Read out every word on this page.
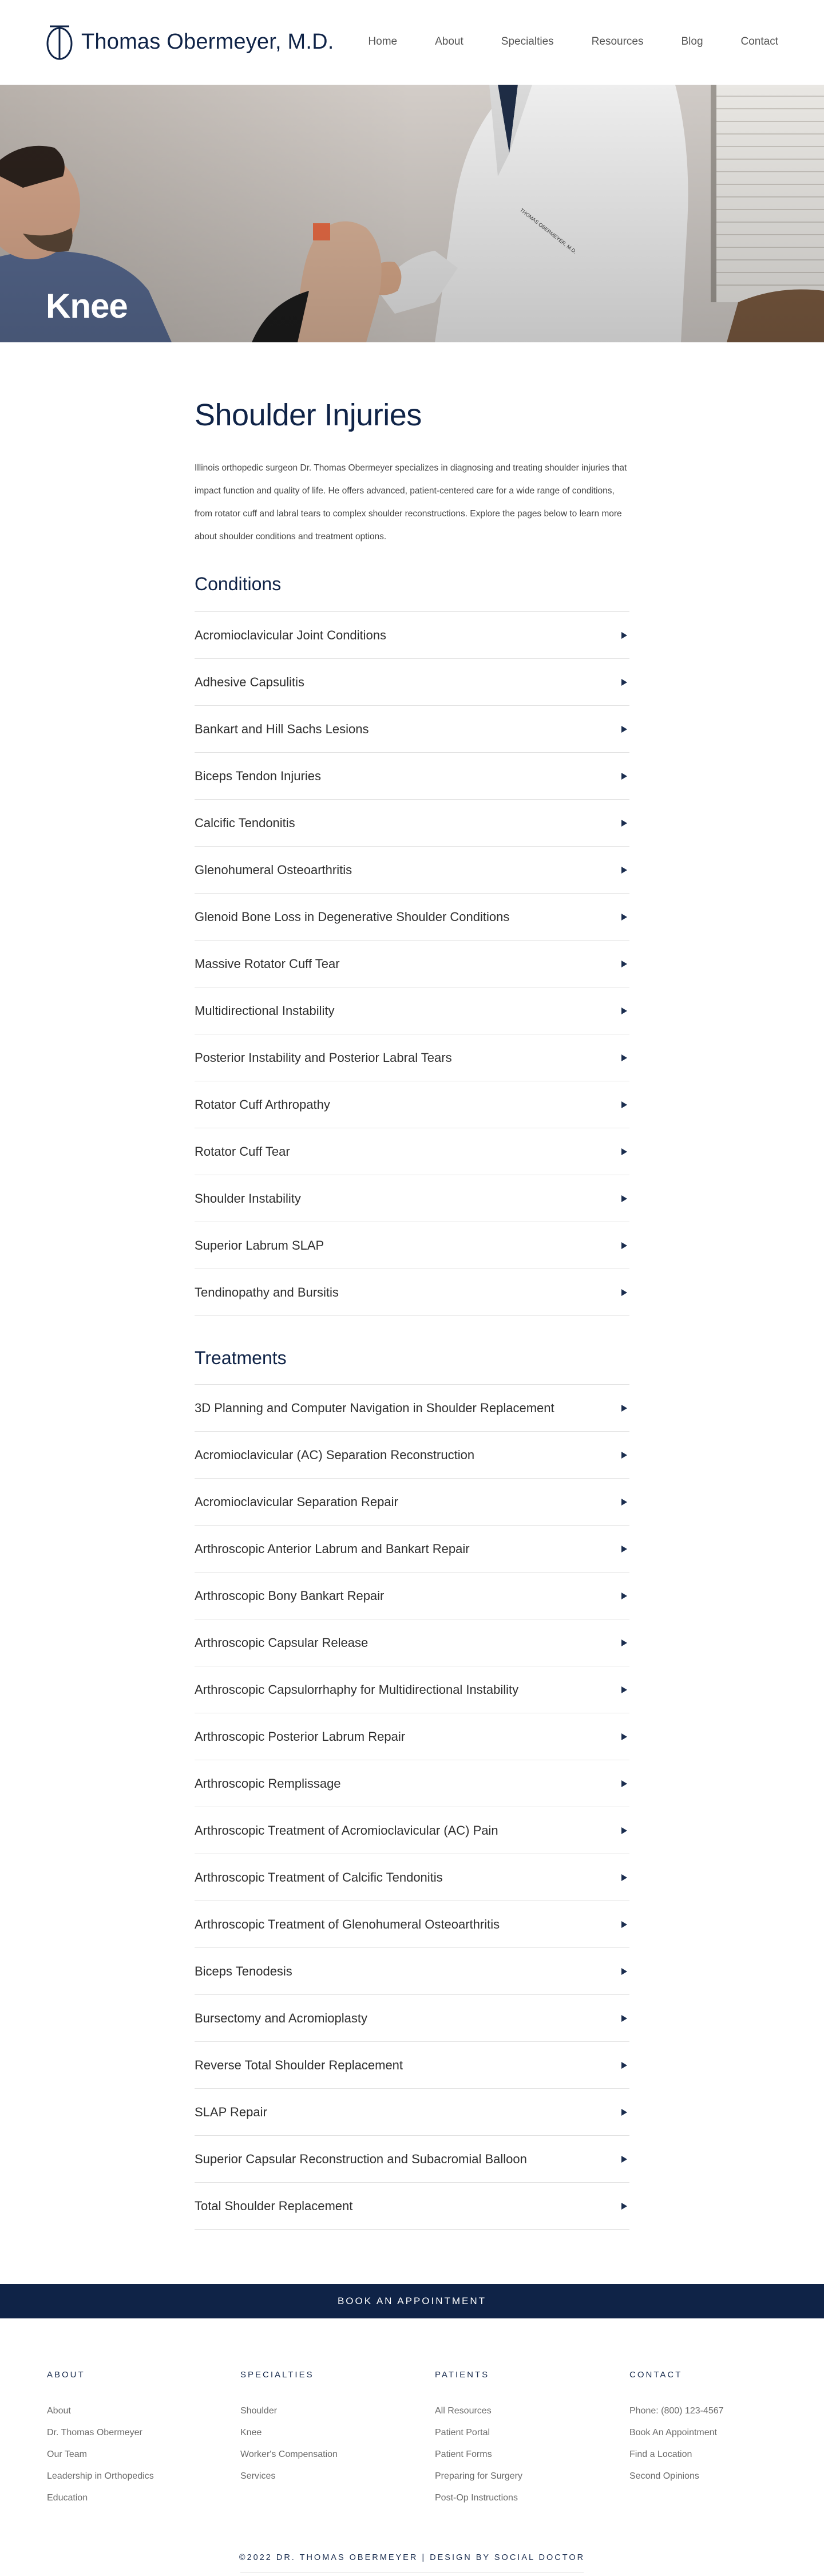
Thomas Obermeyer, M.D.	Home	About	Specialties	Resources	Blog	Contact
THOMAS OBERMEYER, M.D.
Knee
Shoulder Injuries

Illinois orthopedic surgeon Dr. Thomas Obermeyer specializes in diagnosing and treating shoulder injuries that impact function and quality of life. He offers advanced, patient-centered care for a wide range of conditions, from rotator cuff and labral tears to complex shoulder reconstructions. Explore the pages below to learn more about shoulder conditions and treatment options.

Conditions
Acromioclavicular Joint Conditions
Adhesive Capsulitis
Bankart and Hill Sachs Lesions
Biceps Tendon Injuries
Calcific Tendonitis
Glenohumeral Osteoarthritis
Glenoid Bone Loss in Degenerative Shoulder Conditions
Massive Rotator Cuff Tear
Multidirectional Instability
Posterior Instability and Posterior Labral Tears
Rotator Cuff Arthropathy
Rotator Cuff Tear
Shoulder Instability
Superior Labrum SLAP
Tendinopathy and Bursitis
Treatments
3D Planning and Computer Navigation in Shoulder Replacement
Acromioclavicular (AC) Separation Reconstruction
Acromioclavicular Separation Repair
Arthroscopic Anterior Labrum and Bankart Repair
Arthroscopic Bony Bankart Repair
Arthroscopic Capsular Release
Arthroscopic Capsulorrhaphy for Multidirectional Instability
Arthroscopic Posterior Labrum Repair
Arthroscopic Remplissage
Arthroscopic Treatment of Acromioclavicular (AC) Pain
Arthroscopic Treatment of Calcific Tendonitis
Arthroscopic Treatment of Glenohumeral Osteoarthritis
Biceps Tenodesis
Bursectomy and Acromioplasty
Reverse Total Shoulder Replacement
SLAP Repair
Superior Capsular Reconstruction and Subacromial Balloon
Total Shoulder Replacement
BOOK AN APPOINTMENT
ABOUT
About
Dr. Thomas Obermeyer
Our Team
Leadership in Orthopedics
Education
SPECIALTIES
Shoulder
Knee
Worker's Compensation
Services
PATIENTS
All Resources
Patient Portal
Patient Forms
Preparing for Surgery
Post-Op Instructions
CONTACT
Phone: (800) 123-4567
Book An Appointment
Find a Location
Second Opinions
©2022 DR. THOMAS OBERMEYER | DESIGN BY SOCIAL DOCTOR
